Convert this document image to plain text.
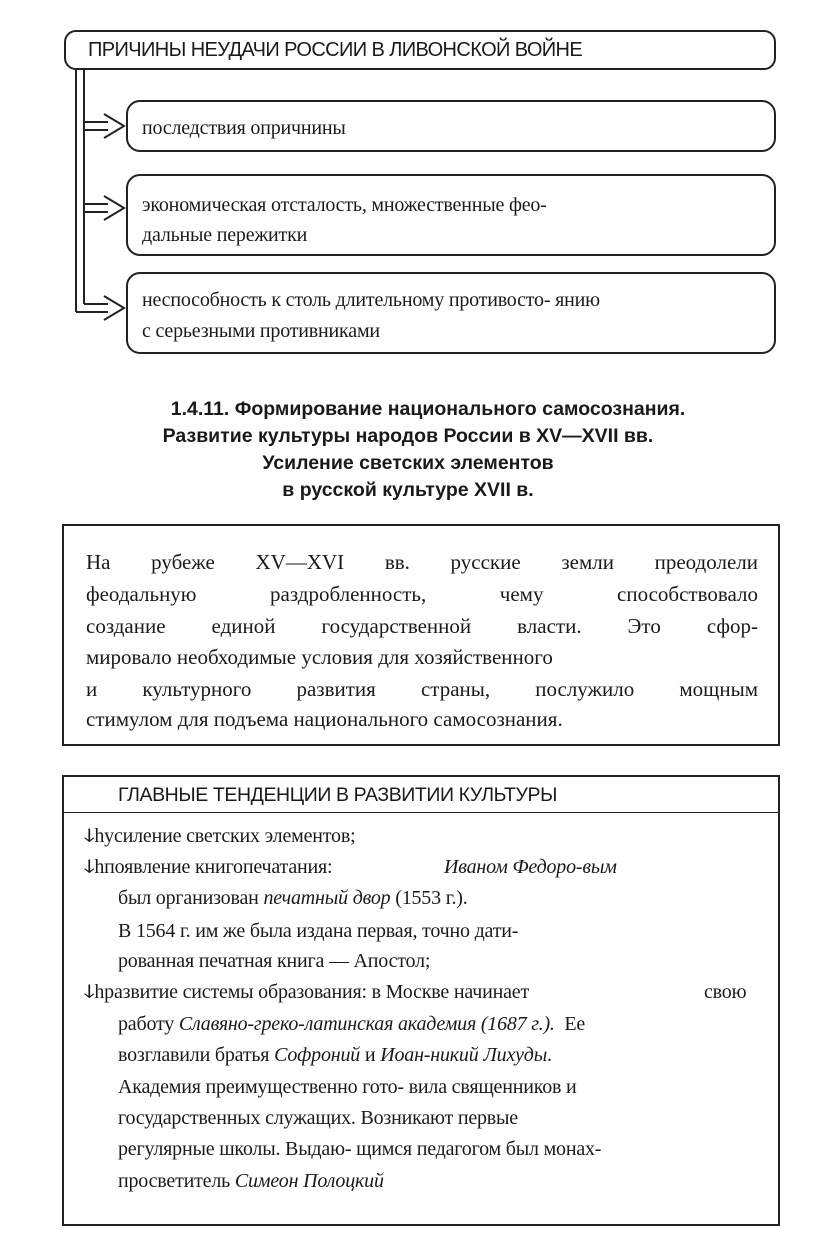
ПРИЧИНЫ НЕУДАЧИ РОССИИ В ЛИВОНСКОЙ ВОЙНЕ
последствия опричнины
экономическая отсталость, множественные фео-
дальные пережитки
неспособность к столь длительному противосто- янию
с серьезными противниками
1.4.11. Формирование национального самосознания.
Развитие культуры народов России в XV—XVII вв.
Усиление светских элементов
в русской культуре XVII в.
На рубеже XV—XVI вв. русские земли преодолели
феодальную раздробленность, чему способствовало
создание единой государственной власти. Это сфор-
мировало необходимые условия для хозяйственного
и культурного развития страны, послужило мощным
стимулом для подъема национального самосознания.
ГЛАВНЫЕ ТЕНДЕНЦИИ В РАЗВИТИИ КУЛЬТУРЫ
ↆhусиление светских элементов;
ↆhпоявление книгопечатания:	Иваном Федоро-вым
был организован печатный двор (1553 г.).
В 1564 г. им же была издана первая, точно дати-
рованная печатная книга — Апостол;
ↆhразвитие системы образования: в Москве начинает	свою
работу Славяно-греко-латинская академия (1687 г.). Ее
возглавили братья Софроний и Иоан-никий Лихуды.
Академия преимущественно гото- вила священников и
государственных служащих. Возникают первые
регулярные школы. Выдаю- щимся педагогом был монах-
просветитель Симеон Полоцкий
